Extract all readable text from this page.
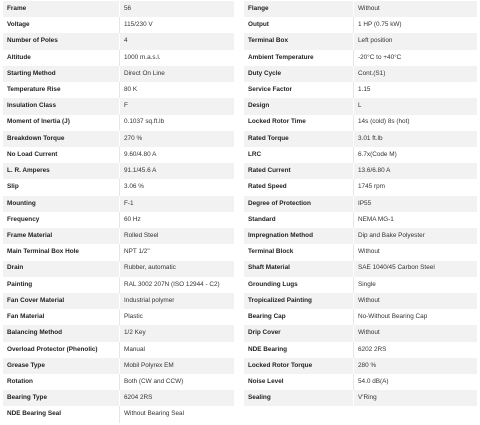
Frame	56
Voltage	115/230 V
Number of Poles	4
Altitude	1000 m.a.s.l.
Starting Method	Direct On Line
Temperature Rise	80 K
Insulation Class	F
Moment of Inertia (J)	0.1037 sq.ft.lb
Breakdown Torque	270 %
No Load Current	9.60/4.80 A
L. R. Amperes	91.1/45.6 A
Slip	3.06 %
Mounting	F-1
Frequency	60 Hz
Frame Material	Rolled Steel
Main Terminal Box Hole	NPT 1/2"
Drain	Rubber, automatic
Painting	RAL 3002 207N (ISO 12944 - C2)
Fan Cover Material	Industrial polymer
Fan Material	Plastic
Balancing Method	1/2 Key
Overload Protector (Phenolic)	Manual
Grease Type	Mobil Polyrex EM
Rotation	Both (CW and CCW)
Bearing Type	6204 2RS
NDE Bearing Seal	Without Bearing Seal
Flange	Without
Output	1 HP (0.75 kW)
Terminal Box	Left position
Ambient Temperature	-20°C to +40°C
Duty Cycle	Cont.(S1)
Service Factor	1.15
Design	L
Locked Rotor Time	14s (cold) 8s (hot)
Rated Torque	3.01 ft.lb
LRC	6.7x(Code M)
Rated Current	13.6/6.80 A
Rated Speed	1745 rpm
Degree of Protection	IP55
Standard	NEMA MG-1
Impregnation Method	Dip and Bake Polyester
Terminal Block	Without
Shaft Material	SAE 1040/45 Carbon Steel
Grounding Lugs	Single
Tropicalized Painting	Without
Bearing Cap	No-Without Bearing Cap
Drip Cover	Without
NDE Bearing	6202 2RS
Locked Rotor Torque	280 %
Noise Level	54.0 dB(A)
Sealing	V'Ring
